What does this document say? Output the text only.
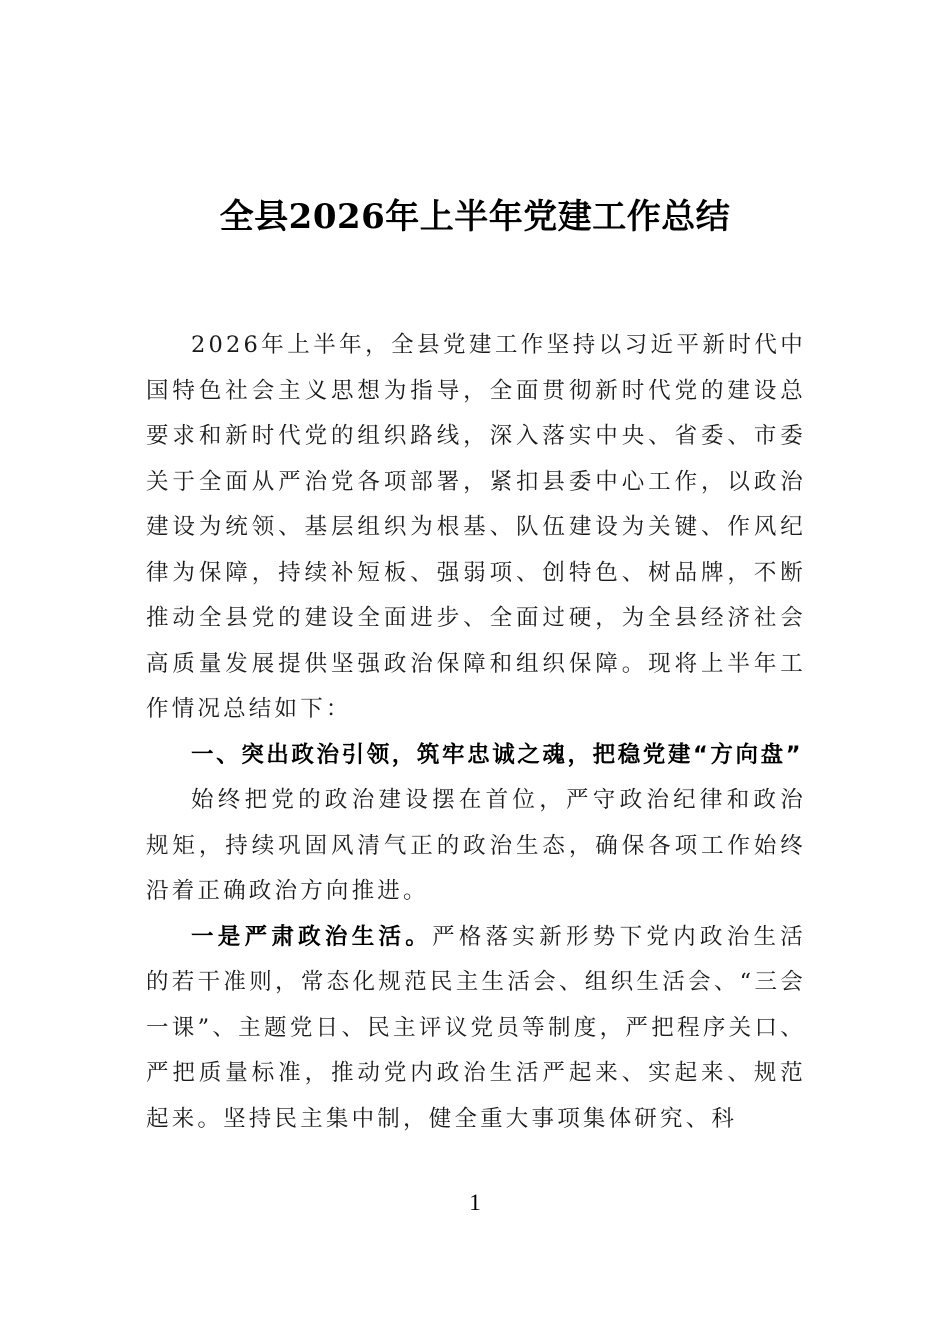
全县2026年上半年党建工作总结

2026年上半年，全县党建工作坚持以习近平新时代中国特色社会主义思想为指导，全面贯彻新时代党的建设总要求和新时代党的组织路线，深入落实中央、省委、市委关于全面从严治党各项部署，紧扣县委中心工作，以政治建设为统领、基层组织为根基、队伍建设为关键、作风纪律为保障，持续补短板、强弱项、创特色、树品牌，不断推动全县党的建设全面进步、全面过硬，为全县经济社会高质量发展提供坚强政治保障和组织保障。现将上半年工作情况总结如下：

一、突出政治引领，筑牢忠诚之魂，把稳党建“方向盘”

始终把党的政治建设摆在首位，严守政治纪律和政治规矩，持续巩固风清气正的政治生态，确保各项工作始终沿着正确政治方向推进。

一是严肃政治生活。严格落实新形势下党内政治生活的若干准则，常态化规范民主生活会、组织生活会、“三会一课”、主题党日、民主评议党员等制度，严把程序关口、严把质量标准，推动党内政治生活严起来、实起来、规范起来。坚持民主集中制，健全重大事项集体研究、科

1
